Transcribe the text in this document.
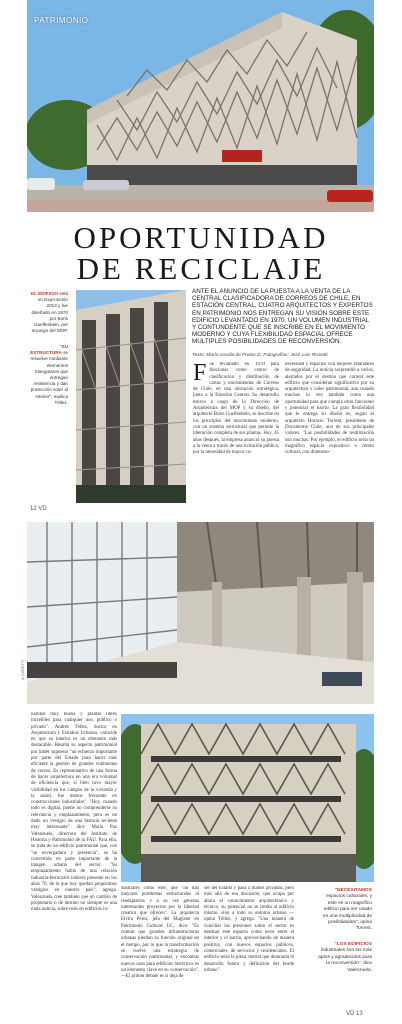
PATRIMONIO
OPORTUNIDAD
DE RECICLAJE
EL EDIFICIO está en Expo-sición 2013 y fue diseñado en 1970 por Boris Guelfenbein, por encargo del MOP.
"SU ESTRUCTURA se resuelve mediante elementos triangulares que entregan resistencia y dan protección solar al interior", explica Téllez.
ANTE EL ANUNCIO DE LA PUESTA A LA VENTA DE LA CENTRAL CLASIFICADORA DE CORREOS DE CHILE, EN ESTACIÓN CENTRAL, CUATRO ARQUITECTOS Y EXPERTOS EN PATRIMONIO NOS ENTREGAN SU VISIÓN SOBRE ESTE EDIFICIO LEVANTADO EN 1970. UN VOLUMEN INDUSTRIAL Y CONTUNDENTE QUE SE INSCRIBE EN EL MOVIMIENTO MODERNO Y CUYA FLEXIBILIDAD ESPACIAL OFRECE MULTIPLES POSIBILIDADES DE RECONVERSIÓN.
Texto: María Cecilia de Frutos D. Fotografías: José Luis Rissetti.
F ue levantado en 1970 para funcionar como centro de clasificación y distribución de cartas y encomiendas de Correos de Chile, en una ubicación estratégica, junto a la Estación Central. Su desarrollo estuvo a cargo de la Dirección de Arquitectura del MOP y su diseño, del arquitecto Boris Guelfenbein, se inscribe en los principios del movimiento moderno, con un sistema estructural que permite la liberación completa de sus plantas. Hoy, 45 años después, la empresa anunció su puesta a la venta a través de una licitación pública, por la necesidad de mayor ca-
necesidad y espacios con mejores estándares de seguridad. La noticia sorprendió a varios, alertados por el destino que correrá este edificio que consideran significativo por su arquitectura y valor patrimonial, aun cuando muchos lo ven también como una oportunidad para que cumpla otras funciones y potenciar el barrio. La gran flexibilidad que le entrega su diseño es, según el arquitecto Horacio Torrent, presidente de Docomomo Chile, uno de sus principales valores. "Las posibilidades de reutilización son muchas. Por ejemplo, el edificio sería un magnífico espacio expositivo o centro cultural, con dimensio-
12 VD
JL RISSETTI
nalidad muy buena y plantas libres increíbles para cualquier uso, público o privado". Andrés Téllez, doctor en Arquitectura y Estudios Urbanos, coincide en que su interior es un elemento más destacable. Resalta su aspecto patrimonial por haber supuesto "un esfuerzo importante por parte del Estado para hacer más eficiente la gestión de grandes volúmenes de correo. Es representativo de una forma de hacer arquitectura en una era voluntad de eficiencia que, si bien tuvo mayor visibilidad en los campos de la vivienda y la salud, fue menos frecuente en construcciones industriales". "Hoy, cuando todo es digital, puede no comprenderse su relevancia y emplazamiento, pero es un dado un vestigio de una historia reciente muy interesante" dice María Paz Valenzuela, directora del Instituto de Historia y Patrimonio de la FAU. Para ella, se trata de un edificio patrimonial que, con "su envergadura y presencia", se ha convertido en parte importante de la imagen urbana del sector. "Su emplazamiento habla de una relación industria-ferrocarril todavía presente en los años 70, de la que hoy quedan poquísimos vestigios en nuestro país", agrega. Valenzuela cree también que un cambio de propietario o de destino no siempre es una mala noticia, sobre todo en edificios in-
dustriales como este, que "no dan mayores problemas estructurales al readaptarlos y a su vez generan interesantes proyectos por la libertad creativa que ofrecen". La arquitecta Elvira Pérez, jefa del Magíster en Patrimonio Cultural UC, dice: "Es común que grandes infraestructuras urbanas pierdan su función original en el tiempo, por lo que la transformación se vuelve una estrategia de conservación patrimonial, y encontrar nuevos usos para edificios históricos es un elemento clave en su conservación". —El primer debate es si deja de
ser del Estado y pasa a manos privadas, pero más allá de esa discusión, que ocupa por ahora el conocimiento arquitectónico y técnico, su potencial no se limita al edificio mismo, sino a todo su entorno urbano —opina Téllez, y agrega: "Una manera de conciliar las presiones sobre el sector es destinar este espacio como nexo entre el interior y el barrio, aprovechando de manera positiva, con nuevos espacios públicos, comerciales, de servicios y residenciales. El edificio sería la pieza central que detonaría el desarrollo futuro y definición del borde urbano".
"NECESITAMOS
espacios culturales, y este es un magnífico edificio para ser usado en una multiplicidad de posibilidades", opina Torrent.
"LOS EDIFICIOS
industriales son los más aptos y agradecidos para la reconversión", dice Valenzuela.
VD 13
